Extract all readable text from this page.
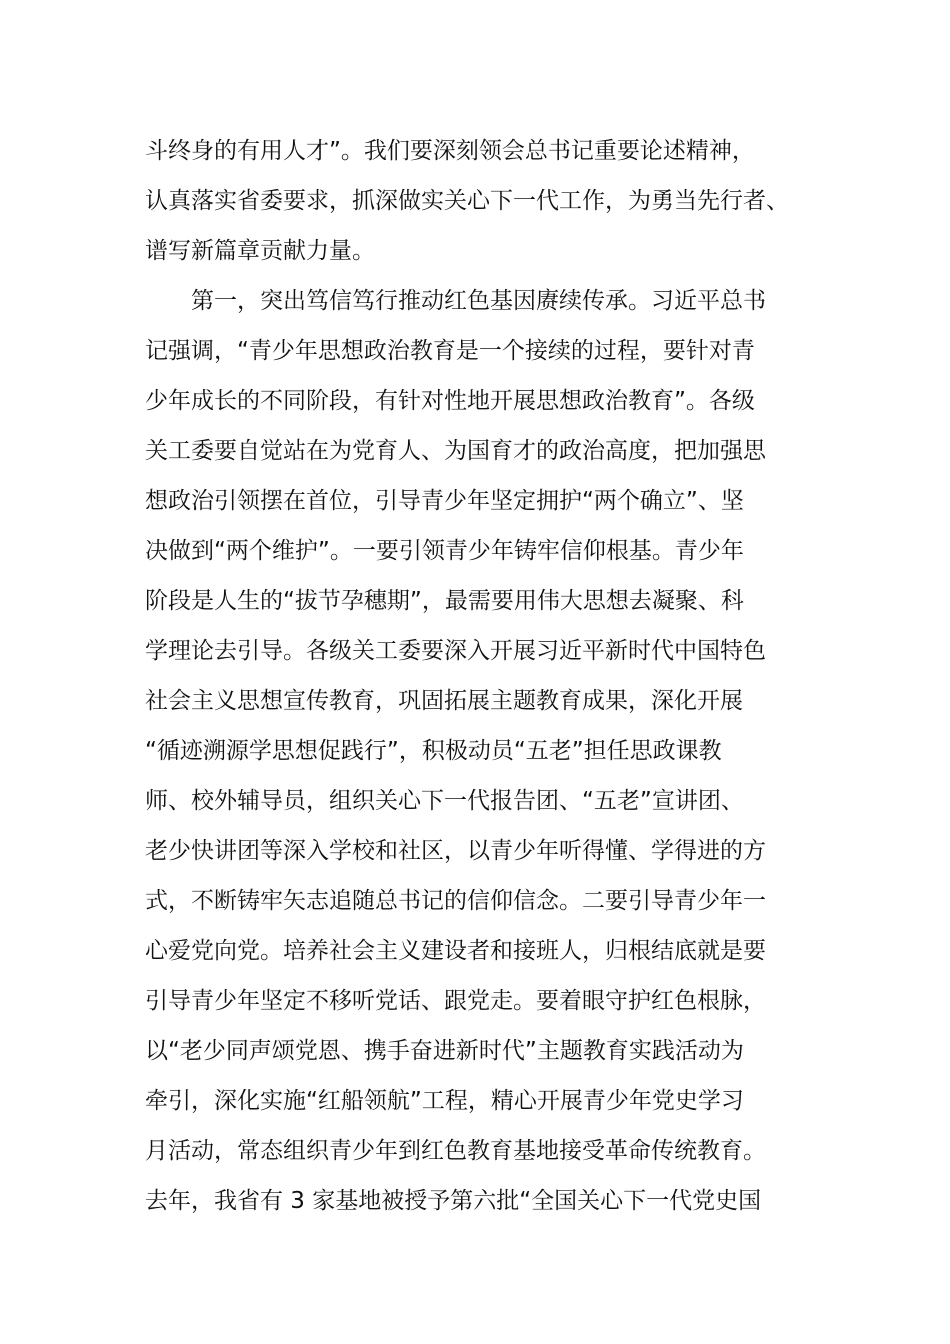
斗终身的有用人才”。我们要深刻领会总书记重要论述精神，
认真落实省委要求，抓深做实关心下一代工作，为勇当先行者、
谱写新篇章贡献力量。
　　第一，突出笃信笃行推动红色基因赓续传承。习近平总书
记强调，“青少年思想政治教育是一个接续的过程，要针对青
少年成长的不同阶段，有针对性地开展思想政治教育”。各级
关工委要自觉站在为党育人、为国育才的政治高度，把加强思
想政治引领摆在首位，引导青少年坚定拥护“两个确立”、坚
决做到“两个维护”。一要引领青少年铸牢信仰根基。青少年
阶段是人生的“拔节孕穗期”，最需要用伟大思想去凝聚、科
学理论去引导。各级关工委要深入开展习近平新时代中国特色
社会主义思想宣传教育，巩固拓展主题教育成果，深化开展
“循迹溯源学思想促践行”，积极动员“五老”担任思政课教
师、校外辅导员，组织关心下一代报告团、“五老”宣讲团、
老少快讲团等深入学校和社区，以青少年听得懂、学得进的方
式，不断铸牢矢志追随总书记的信仰信念。二要引导青少年一
心爱党向党。培养社会主义建设者和接班人，归根结底就是要
引导青少年坚定不移听党话、跟党走。要着眼守护红色根脉，
以“老少同声颂党恩、携手奋进新时代”主题教育实践活动为
牵引，深化实施“红船领航”工程，精心开展青少年党史学习
月活动，常态组织青少年到红色教育基地接受革命传统教育。
去年，我省有 3 家基地被授予第六批“全国关心下一代党史国
